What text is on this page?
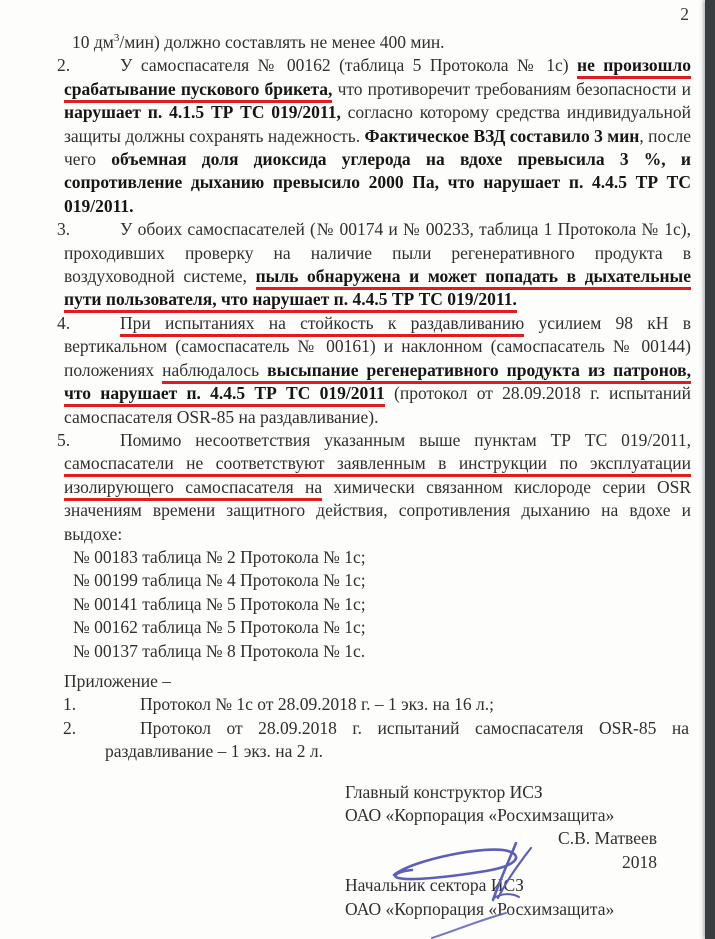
2
10 $дм^3/мин$) должно составлять не менее 400 мин.
2.	У самоспасателя № 00162 (таблица 5 Протокола № 1с) не произошло срабатывание пускового брикета, что противоречит требованиям безопасности и нарушает п. 4.1.5 ТР ТС 019/2011, согласно которому средства индивидуальной защиты должны сохранять надежность. Фактическое ВЗД составило 3 мин, после чего объемная доля диоксида углерода на вдохе превысила 3 %, и сопротивление дыханию превысило 2000 Па, что нарушает п. 4.4.5 ТР ТС 019/2011.
3.	У обоих самоспасателей (№ 00174 и № 00233, таблица 1 Протокола № 1с), проходивших проверку на наличие пыли регенеративного продукта в воздуховодной системе, пыль обнаружена и может попадать в дыхательные пути пользователя, что нарушает п. 4.4.5 ТР ТС 019/2011.
4.	При испытаниях на стойкость к раздавливанию усилием 98 кН в вертикальном (самоспасатель № 00161) и наклонном (самоспасатель № 00144) положениях наблюдалось высыпание регенеративного продукта из патронов, что нарушает п. 4.4.5 ТР ТС 019/2011 (протокол от 28.09.2018 г. испытаний самоспасателя OSR-85 на раздавливание).
5.	Помимо несоответствия указанным выше пунктам ТР ТС 019/2011, самоспасатели не соответствуют заявленным в инструкции по эксплуатации изолирующего самоспасателя на химически связанном кислороде серии OSR значениям времени защитного действия, сопротивления дыханию на вдохе и выдохе:
№ 00183 таблица № 2 Протокола № 1с;
№ 00199 таблица № 4 Протокола № 1с;
№ 00141 таблица № 5 Протокола № 1с;
№ 00162 таблица № 5 Протокола № 1с;
№ 00137 таблица № 8 Протокола № 1с.
Приложение –
1.	Протокол № 1с от 28.09.2018 г. – 1 экз. на 16 л.;
2.	Протокол от 28.09.2018 г. испытаний самоспасателя OSR-85 на раздавливание – 1 экз. на 2 л.
Главный конструктор ИСЗ
ОАО «Корпорация «Росхимзащита»
С.В. Матвеев
2018
Начальник сектора ИСЗ
ОАО «Корпорация «Росхимзащита»
